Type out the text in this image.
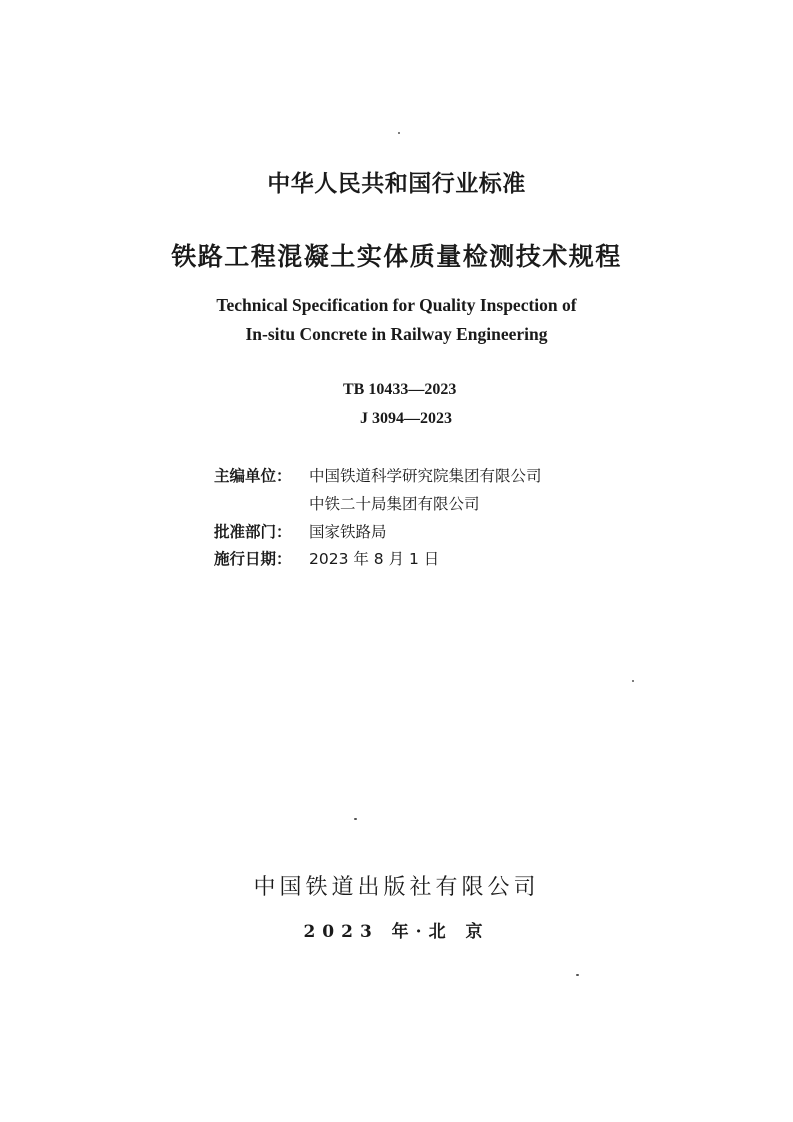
中华人民共和国行业标准
铁路工程混凝土实体质量检测技术规程
Technical Specification for Quality Inspection of
In-situ Concrete in Railway Engineering
TB 10433—2023
J 3094—2023
主编单位： 中国铁道科学研究院集团有限公司
中铁二十局集团有限公司
批准部门： 国家铁路局
施行日期： 2023 年 8 月 1 日
中国铁道出版社有限公司
2023 年·北 京
